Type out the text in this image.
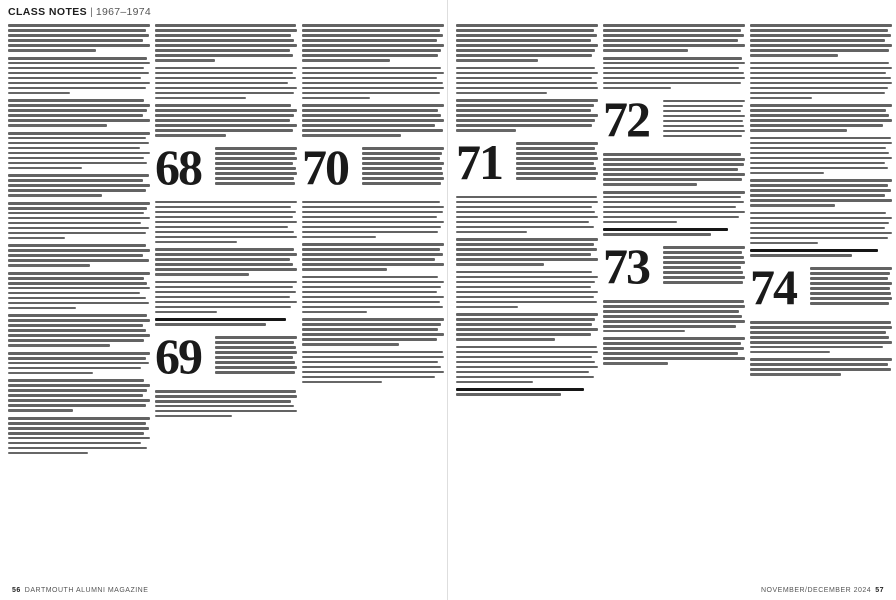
CLASS NOTES | 1967–1974
68
69
70
56 DARTMOUTH ALUMNI MAGAZINE
71
72
73 74
NOVEMBER/DECEMBER 2024 57
